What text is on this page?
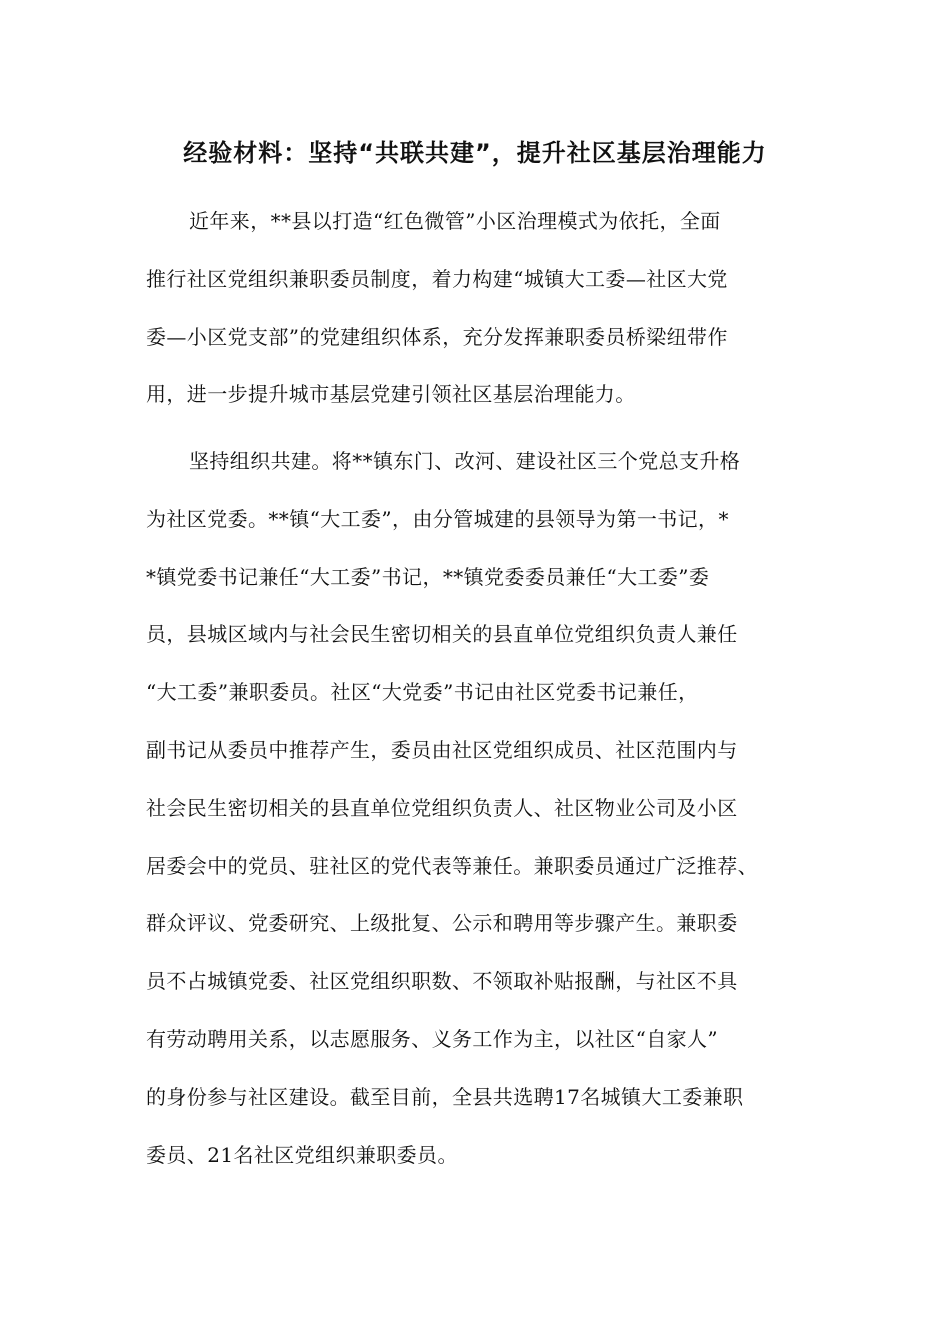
经验材料：坚持“共联共建”，提升社区基层治理能力
近年来，**县以打造“红色微管”小区治理模式为依托，全面
推行社区党组织兼职委员制度，着力构建“城镇大工委—社区大党
委—小区党支部”的党建组织体系，充分发挥兼职委员桥梁纽带作
用，进一步提升城市基层党建引领社区基层治理能力。
坚持组织共建。将**镇东门、改河、建设社区三个党总支升格
为社区党委。**镇“大工委”，由分管城建的县领导为第一书记，*
*镇党委书记兼任“大工委”书记，**镇党委委员兼任“大工委”委
员，县城区域内与社会民生密切相关的县直单位党组织负责人兼任
“大工委”兼职委员。社区“大党委”书记由社区党委书记兼任，
副书记从委员中推荐产生，委员由社区党组织成员、社区范围内与
社会民生密切相关的县直单位党组织负责人、社区物业公司及小区
居委会中的党员、驻社区的党代表等兼任。兼职委员通过广泛推荐、
群众评议、党委研究、上级批复、公示和聘用等步骤产生。兼职委
员不占城镇党委、社区党组织职数、不领取补贴报酬，与社区不具
有劳动聘用关系，以志愿服务、义务工作为主，以社区“自家人”
的身份参与社区建设。截至目前，全县共选聘17名城镇大工委兼职
委员、21名社区党组织兼职委员。
